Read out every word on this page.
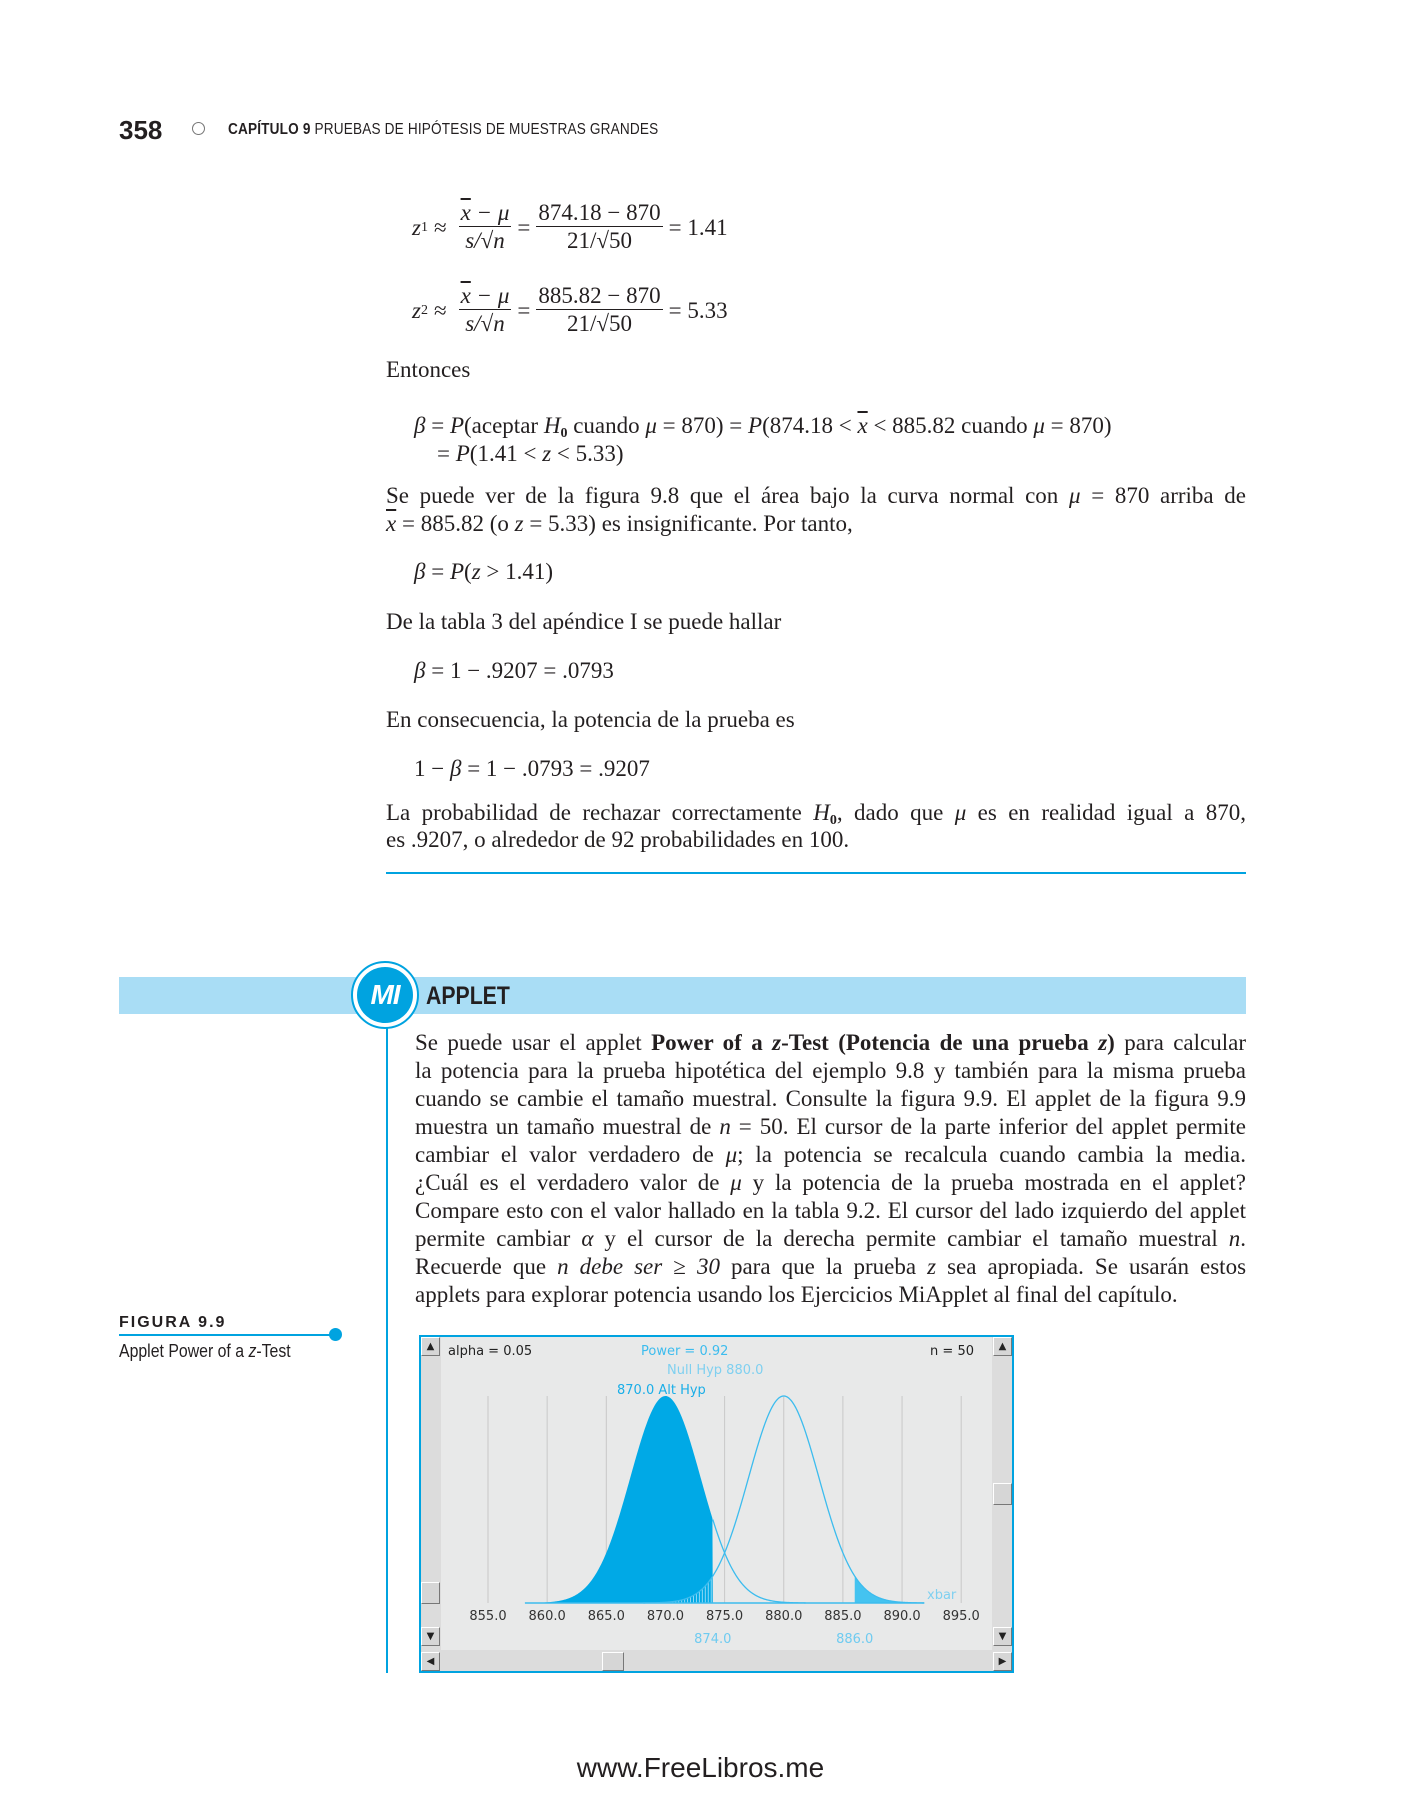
358	CAPÍTULO 9 PRUEBAS DE HIPÓTESIS DE MUESTRAS GRANDES
z $1 \approx \frac{\overline{x} - \mu}{s/√n} = \frac{874.18 - 870}{21/√50} = 1.41$
z $2 \approx \frac{\overline{x} - \mu}{s/√n} = \frac{885.82 - 870}{21/√50} = 5.33$
Entonces
β = P(aceptar $H_0$ cuando $\mu = 870) = P(874.18 < \overline{x} < 885.82$ cuando μ = 870)
= P(1.41 < z < 5.33)
Se puede ver de la figura 9.8 que el área bajo la curva normal con μ = 870 arriba de
$\overline{x} = 885.82$ (o z = 5.33) es insignificante. Por tanto,
β = P(z > 1.41)
De la tabla 3 del apéndice I se puede hallar
β = 1 − .9207 = .0793
En consecuencia, la potencia de la prueba es
1 − β = 1 − .0793 = .9207
La probabilidad de rechazar correctamente $H_0$, dado que μ es en realidad igual a 870,
es .9207, o alrededor de 92 probabilidades en 100.
MI	APPLET
Se puede usar el applet Power of a z-Test (Potencia de una prueba z) para calcular
la potencia para la prueba hipotética del ejemplo 9.8 y también para la misma prueba
cuando se cambie el tamaño muestral. Consulte la figura 9.9. El applet de la figura 9.9
muestra un tamaño muestral de n = 50. El cursor de la parte inferior del applet permite
cambiar el valor verdadero de μ; la potencia se recalcula cuando cambia la media.
¿Cuál es el verdadero valor de μ y la potencia de la prueba mostrada en el applet?
Compare esto con el valor hallado en la tabla 9.2. El cursor del lado izquierdo del applet
permite cambiar α y el cursor de la derecha permite cambiar el tamaño muestral n.
Recuerde que n debe ser ≥ 30 para que la prueba z sea apropiada. Se usarán estos
applets para explorar potencia usando los Ejercicios MiApplet al final del capítulo.
FIGURA 9.9
Applet Power of a z-Test	▲
▼
▲
▼
◀	▶
855.0 860.0 865.0 870.0 875.0 880.0 885.0 890.0 895.0
874.0	886.0
alpha = 0.05	Power = 0.92	n = 50
Null Hyp 880.0
870.0 Alt Hyp
xbar
www.FreeLibros.me
